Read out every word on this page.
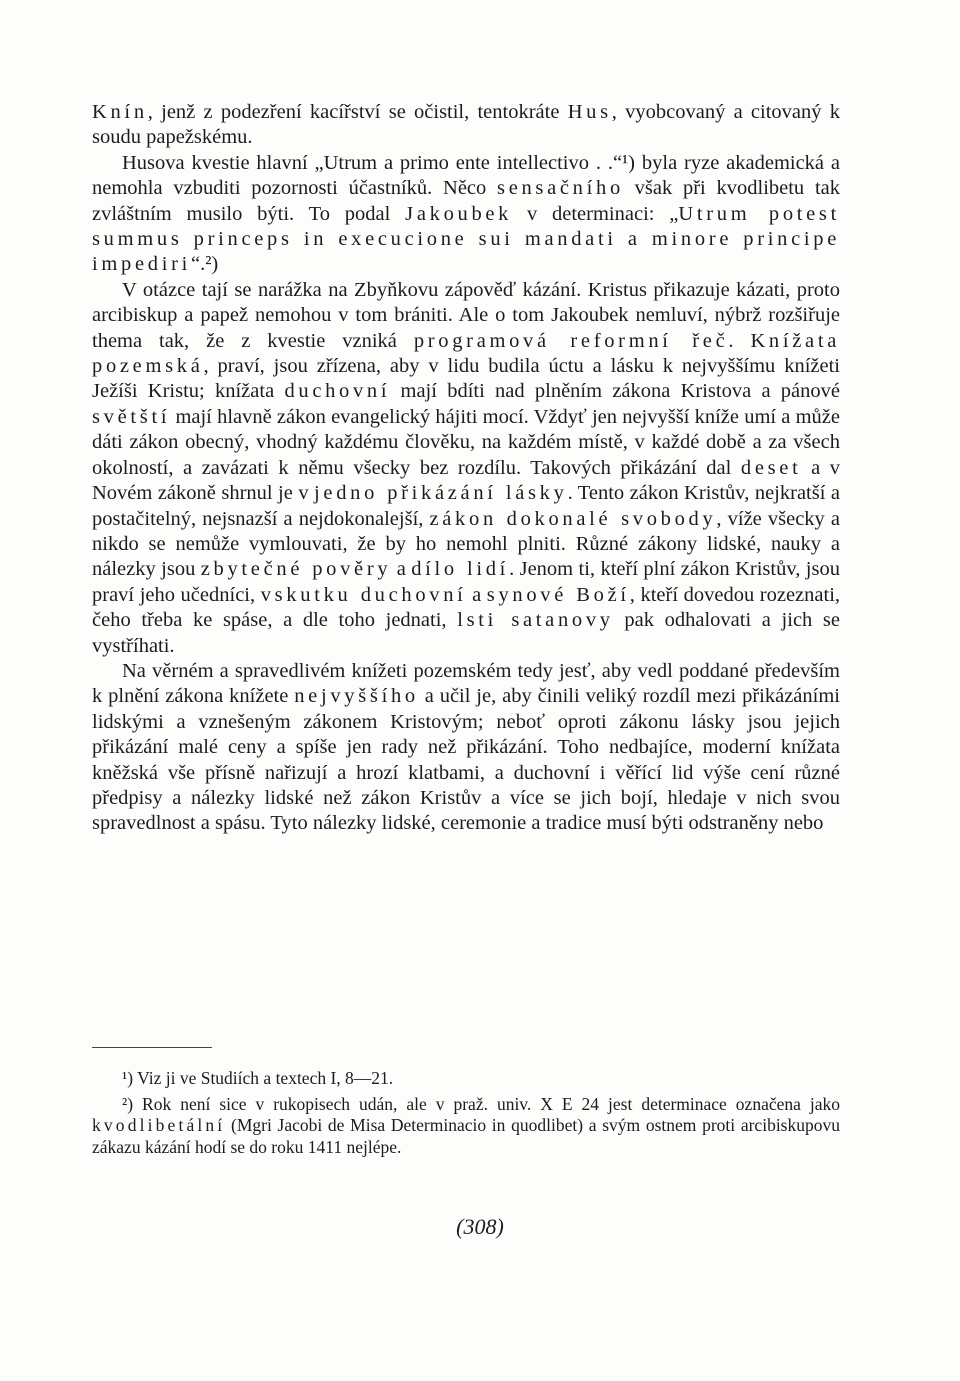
Knín, jenž z podezření kacířství se očistil, tentokráte Hus, vyobcovaný a citovaný k soudu papežskému.

Husova kvestie hlavní „Utrum a primo ente intellectivo . .“¹) byla ryze akademická a nemohla vzbuditi pozornosti účastníků. Něco sensačního však při kvodlibetu tak zvláštním musilo býti. To podal Jakoubek v determinaci: „Utrum potest summus princeps in execucione sui mandati a minore principe impediri“.²)

V otázce tají se narážka na Zbyňkovu zápověď kázání. Kristus přikazuje kázati, proto arcibiskup a papež nemohou v tom brániti. Ale o tom Jakoubek nemluví, nýbrž rozšiřuje thema tak, že z kvestie vzniká programová reformní řeč. Knížata pozemská, praví, jsou zřízena, aby v lidu budila úctu a lásku k nejvyššímu knížeti Ježíši Kristu; knížata duchovní mají bdíti nad plněním zákona Kristova a pánové světští mají hlavně zákon evangelický hájiti mocí. Vždyť jen nejvyšší kníže umí a může dáti zákon obecný, vhodný každému člověku, na každém místě, v každé době a za všech okolností, a zavázati k němu všecky bez rozdílu. Takových přikázání dal deset a v Novém zákoně shrnul je v jedno přikázání lásky. Tento zákon Kristův, nejkratší a postačitelný, nejsnazší a nejdokonalejší, zákon dokonalé svobody, víže všecky a nikdo se nemůže vymlouvati, že by ho nemohl plniti. Různé zákony lidské, nauky a nálezky jsou zbytečné pověry a dílo lidí. Jenom ti, kteří plní zákon Kristův, jsou praví jeho učedníci, vskutku duchovní a synové Boží, kteří dovedou rozeznati, čeho třeba ke spáse, a dle toho jednati, lsti satanovy pak odhalovati a jich se vystříhati.

Na věrném a spravedlivém knížeti pozemském tedy jesť, aby vedl poddané především k plnění zákona knížete nejvyššího a učil je, aby činili veliký rozdíl mezi přikázáními lidskými a vznešeným zákonem Kristovým; neboť oproti zákonu lásky jsou jejich přikázání malé ceny a spíše jen rady než přikázání. Toho nedbajíce, moderní knížata kněžská vše přísně nařizují a hrozí klatbami, a duchovní i věřící lid výše cení různé předpisy a nálezky lidské než zákon Kristův a více se jich bojí, hledaje v nich svou spravedlnost a spásu. Tyto nálezky lidské, ceremonie a tradice musí býti odstraněny nebo

¹) Viz ji ve Studiích a textech I, 8—21.

²) Rok není sice v rukopisech udán, ale v praž. univ. X E 24 jest determinace označena jako kvodlibetální (Mgri Jacobi de Misa Determinacio in quodlibet) a svým ostnem proti arcibiskupovu zákazu kázání hodí se do roku 1411 nejlépe.

(308)
